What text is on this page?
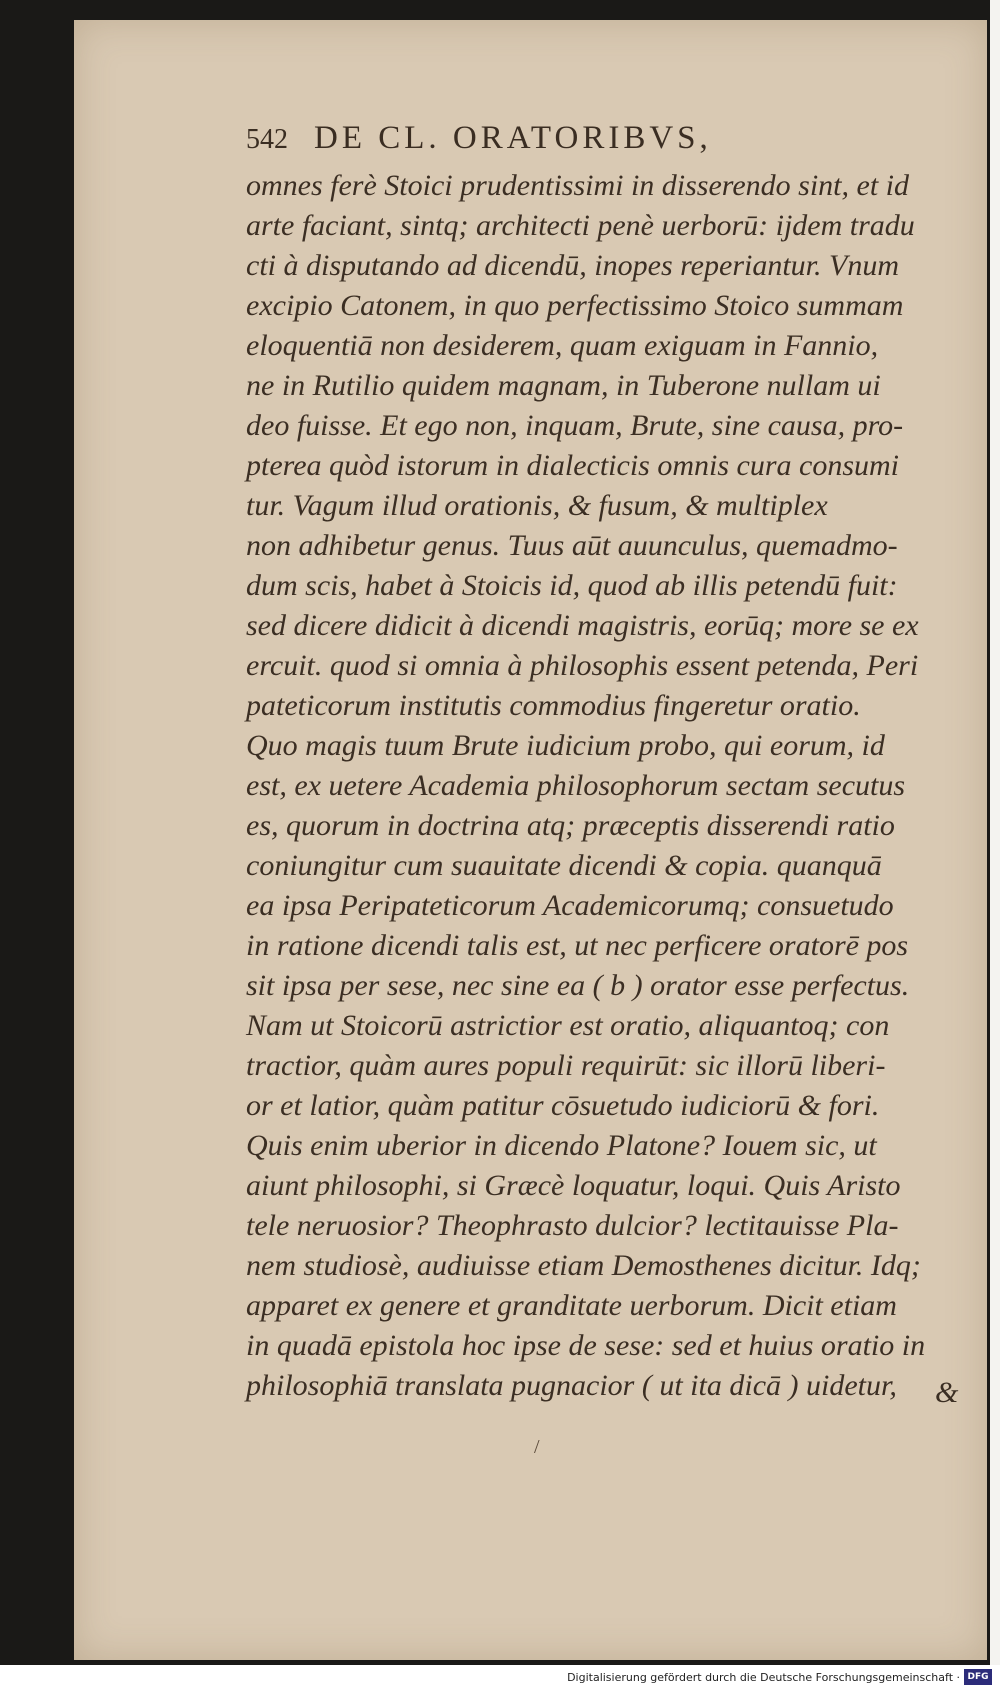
542 DE CL. ORATORIBVS,
omnes ferè Stoici prudentissimi in disserendo sint, et id
arte faciant, sintq; architecti penè uerborū: ijdem tradu
cti à disputando ad dicendū, inopes reperiantur. Vnum
excipio Catonem, in quo perfectissimo Stoico summam
eloquentiā non desiderem, quam exiguam in Fannio,
ne in Rutilio quidem magnam, in Tuberone nullam ui
deo fuisse. Et ego non, inquam, Brute, sine causa, pro-
pterea quòd istorum in dialecticis omnis cura consumi
tur. Vagum illud orationis, & fusum, & multiplex
non adhibetur genus. Tuus aūt auunculus, quemadmo-
dum scis, habet à Stoicis id, quod ab illis petendū fuit:
sed dicere didicit à dicendi magistris, eorūq; more se ex
ercuit. quod si omnia à philosophis essent petenda, Peri
pateticorum institutis commodius fingeretur oratio.
Quo magis tuum Brute iudicium probo, qui eorum, id
est, ex uetere Academia philosophorum sectam secutus
es, quorum in doctrina atq; præceptis disserendi ratio
coniungitur cum suauitate dicendi & copia. quanquā
ea ipsa Peripateticorum Academicorumq; consuetudo
in ratione dicendi talis est, ut nec perficere oratorē pos
sit ipsa per sese, nec sine ea ( b ) orator esse perfectus.
Nam ut Stoicorū astrictior est oratio, aliquantoq; con
tractior, quàm aures populi requirūt: sic illorū liberi-
or et latior, quàm patitur cōsuetudo iudiciorū & fori.
Quis enim uberior in dicendo Platone? Iouem sic, ut
aiunt philosophi, si Græcè loquatur, loqui. Quis Aristo
tele neruosior? Theophrasto dulcior? lectitauisse Pla-
nem studiosè, audiuisse etiam Demosthenes dicitur. Idq;
apparet ex genere et granditate uerborum. Dicit etiam
in quadā epistola hoc ipse de sese: sed et huius oratio in
philosophiā translata pugnacior ( ut ita dicā ) uidetur,	&
/
Digitalisierung gefördert durch die Deutsche Forschungsgemeinschaft · DFG
